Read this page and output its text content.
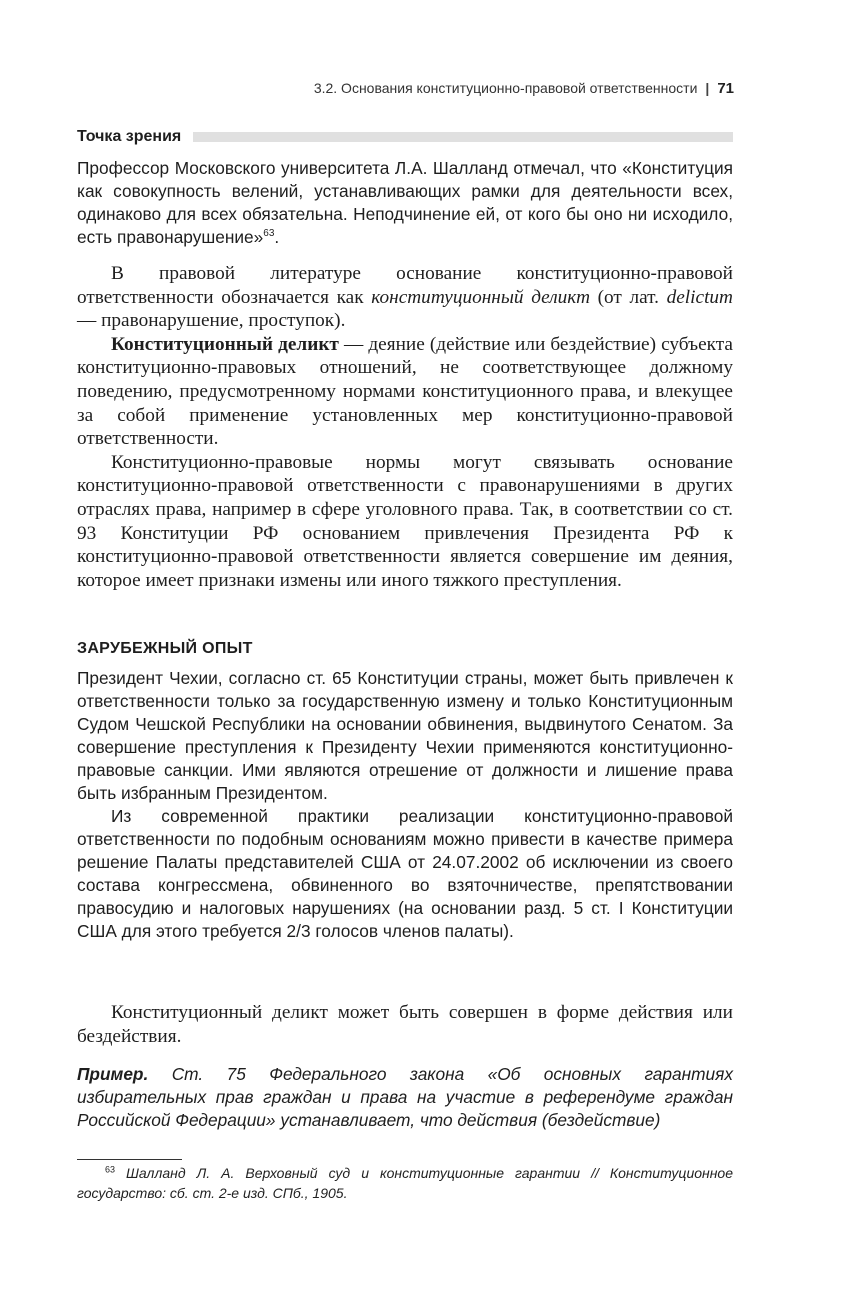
3.2. Основания конституционно-правовой ответственности | 71
Точка зрения

Профессор Московского университета Л.А. Шалланд отмечал, что «Конституция как совокупность велений, устанавливающих рамки для деятельности всех, одинаково для всех обязательна. Неподчинение ей, от кого бы оно ни исходило, есть правонарушение»$^{63}$.

В правовой литературе основание конституционно-правовой ответственности обозначается как конституционный деликт (от лат. delictum — правонарушение, проступок).

Конституционный деликт — деяние (действие или бездействие) субъекта конституционно-правовых отношений, не соответствующее должному поведению, предусмотренному нормами конституционного права, и влекущее за собой применение установленных мер конституционно-правовой ответственности.

Конституционно-правовые нормы могут связывать основание конституционно-правовой ответственности с правонарушениями в других отраслях права, например в сфере уголовного права. Так, в соответствии со ст. 93 Конституции РФ основанием привлечения Президента РФ к конституционно-правовой ответственности является совершение им деяния, которое имеет признаки измены или иного тяжкого преступления.

ЗАРУБЕЖНЫЙ ОПЫТ

Президент Чехии, согласно ст. 65 Конституции страны, может быть привлечен к ответственности только за государственную измену и только Конституционным Судом Чешской Республики на основании обвинения, выдвинутого Сенатом. За совершение преступления к Президенту Чехии применяются конституционно-правовые санкции. Ими являются отрешение от должности и лишение права быть избранным Президентом.

Из современной практики реализации конституционно-правовой ответственности по подобным основаниям можно привести в качестве примера решение Палаты представителей США от 24.07.2002 об исключении из своего состава конгрессмена, обвиненного во взяточничестве, препятствовании правосудию и налоговых нарушениях (на основании разд. 5 ст. I Конституции США для этого требуется 2/3 голосов членов палаты).

Конституционный деликт может быть совершен в форме действия или бездействия.

Пример. Ст. 75 Федерального закона «Об основных гарантиях избирательных прав граждан и права на участие в референдуме граждан Российской Федерации» устанавливает, что действия (бездействие)

$^{63}$ Шалланд Л. А. Верховный суд и конституционные гарантии // Конституционное государство: сб. ст. 2-е изд. СПб., 1905.
